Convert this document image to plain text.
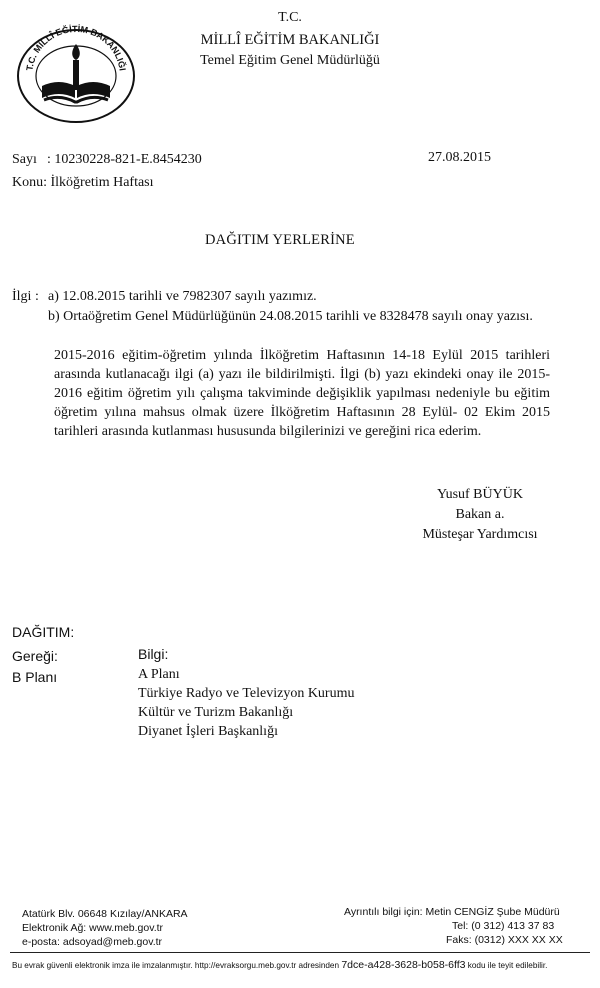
T.C. MİLLÎ EĞİTİM BAKANLIĞI
T.C.
MİLLÎ EĞİTİM BAKANLIĞI
Temel Eğitim Genel Müdürlüğü
Sayı : 10230228-821-E.8454230	27.08.2015
Konu: İlköğretim Haftası
DAĞITIM YERLERİNE
İlgi : a) 12.08.2015 tarihli ve 7982307 sayılı yazımız.
b) Ortaöğretim Genel Müdürlüğünün 24.08.2015 tarihli ve 8328478 sayılı onay yazısı.

2015-2016 eğitim-öğretim yılında İlköğretim Haftasının 14-18 Eylül 2015 tarihleri arasında kutlanacağı ilgi (a) yazı ile bildirilmişti. İlgi (b) yazı ekindeki onay ile 2015-2016 eğitim öğretim yılı çalışma takviminde değişiklik yapılması nedeniyle bu eğitim öğretim yılına mahsus olmak üzere İlköğretim Haftasının 28 Eylül- 02 Ekim 2015 tarihleri arasında kutlanması hususunda bilgilerinizi ve gereğini rica ederim.

Yusuf BÜYÜK
Bakan a.
Müsteşar Yardımcısı
DAĞITIM:
Gereği:
B Planı
Bilgi:
A Planı
Türkiye Radyo ve Televizyon Kurumu
Kültür ve Turizm Bakanlığı
Diyanet İşleri Başkanlığı
Atatürk Blv. 06648 Kızılay/ANKARA
Elektronik Ağ: www.meb.gov.tr
e-posta: adsoyad@meb.gov.tr
Ayrıntılı bilgi için: Metin CENGİZ Şube Müdürü
Tel: (0 312) 413 37 83
Faks: (0312) XXX XX XX
Bu evrak güvenli elektronik imza ile imzalanmıştır. http://evraksorgu.meb.gov.tr adresinden 7dce-a428-3628-b058-6ff3 kodu ile teyit edilebilir.
